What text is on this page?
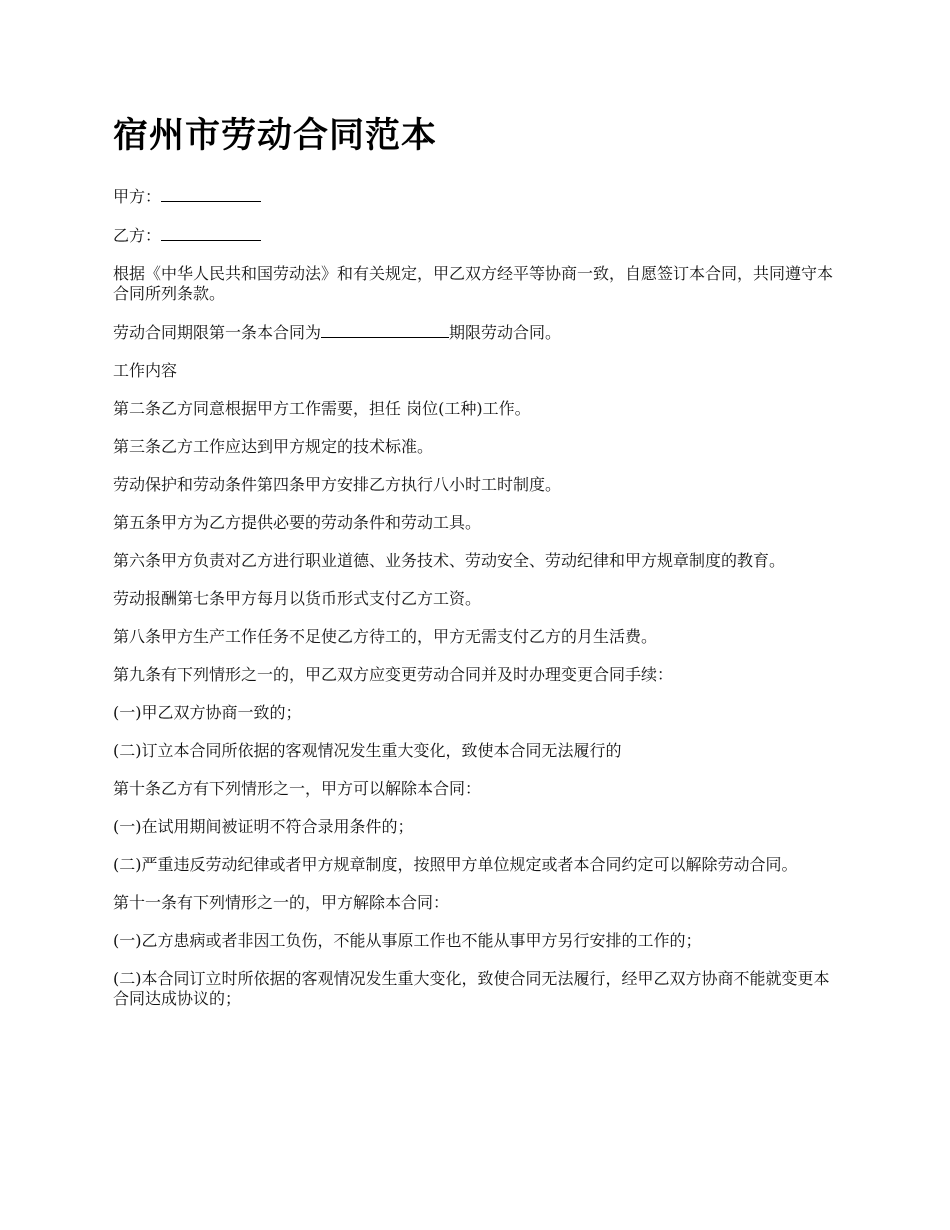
宿州市劳动合同范本

甲方：

乙方：

根据《中华人民共和国劳动法》和有关规定，甲乙双方经平等协商一致，自愿签订本合同，共同遵守本合同所列条款。

劳动合同期限第一条本合同为	期限劳动合同。

工作内容

第二条乙方同意根据甲方工作需要，担任 岗位(工种)工作。

第三条乙方工作应达到甲方规定的技术标准。

劳动保护和劳动条件第四条甲方安排乙方执行八小时工时制度。

第五条甲方为乙方提供必要的劳动条件和劳动工具。

第六条甲方负责对乙方进行职业道德、业务技术、劳动安全、劳动纪律和甲方规章制度的教育。

劳动报酬第七条甲方每月以货币形式支付乙方工资。

第八条甲方生产工作任务不足使乙方待工的，甲方无需支付乙方的月生活费。

第九条有下列情形之一的，甲乙双方应变更劳动合同并及时办理变更合同手续：

(一)甲乙双方协商一致的；

(二)订立本合同所依据的客观情况发生重大变化，致使本合同无法履行的

第十条乙方有下列情形之一，甲方可以解除本合同：

(一)在试用期间被证明不符合录用条件的；

(二)严重违反劳动纪律或者甲方规章制度，按照甲方单位规定或者本合同约定可以解除劳动合同。

第十一条有下列情形之一的，甲方解除本合同：

(一)乙方患病或者非因工负伤，不能从事原工作也不能从事甲方另行安排的工作的；

(二)本合同订立时所依据的客观情况发生重大变化，致使合同无法履行，经甲乙双方协商不能就变更本合同达成协议的；
